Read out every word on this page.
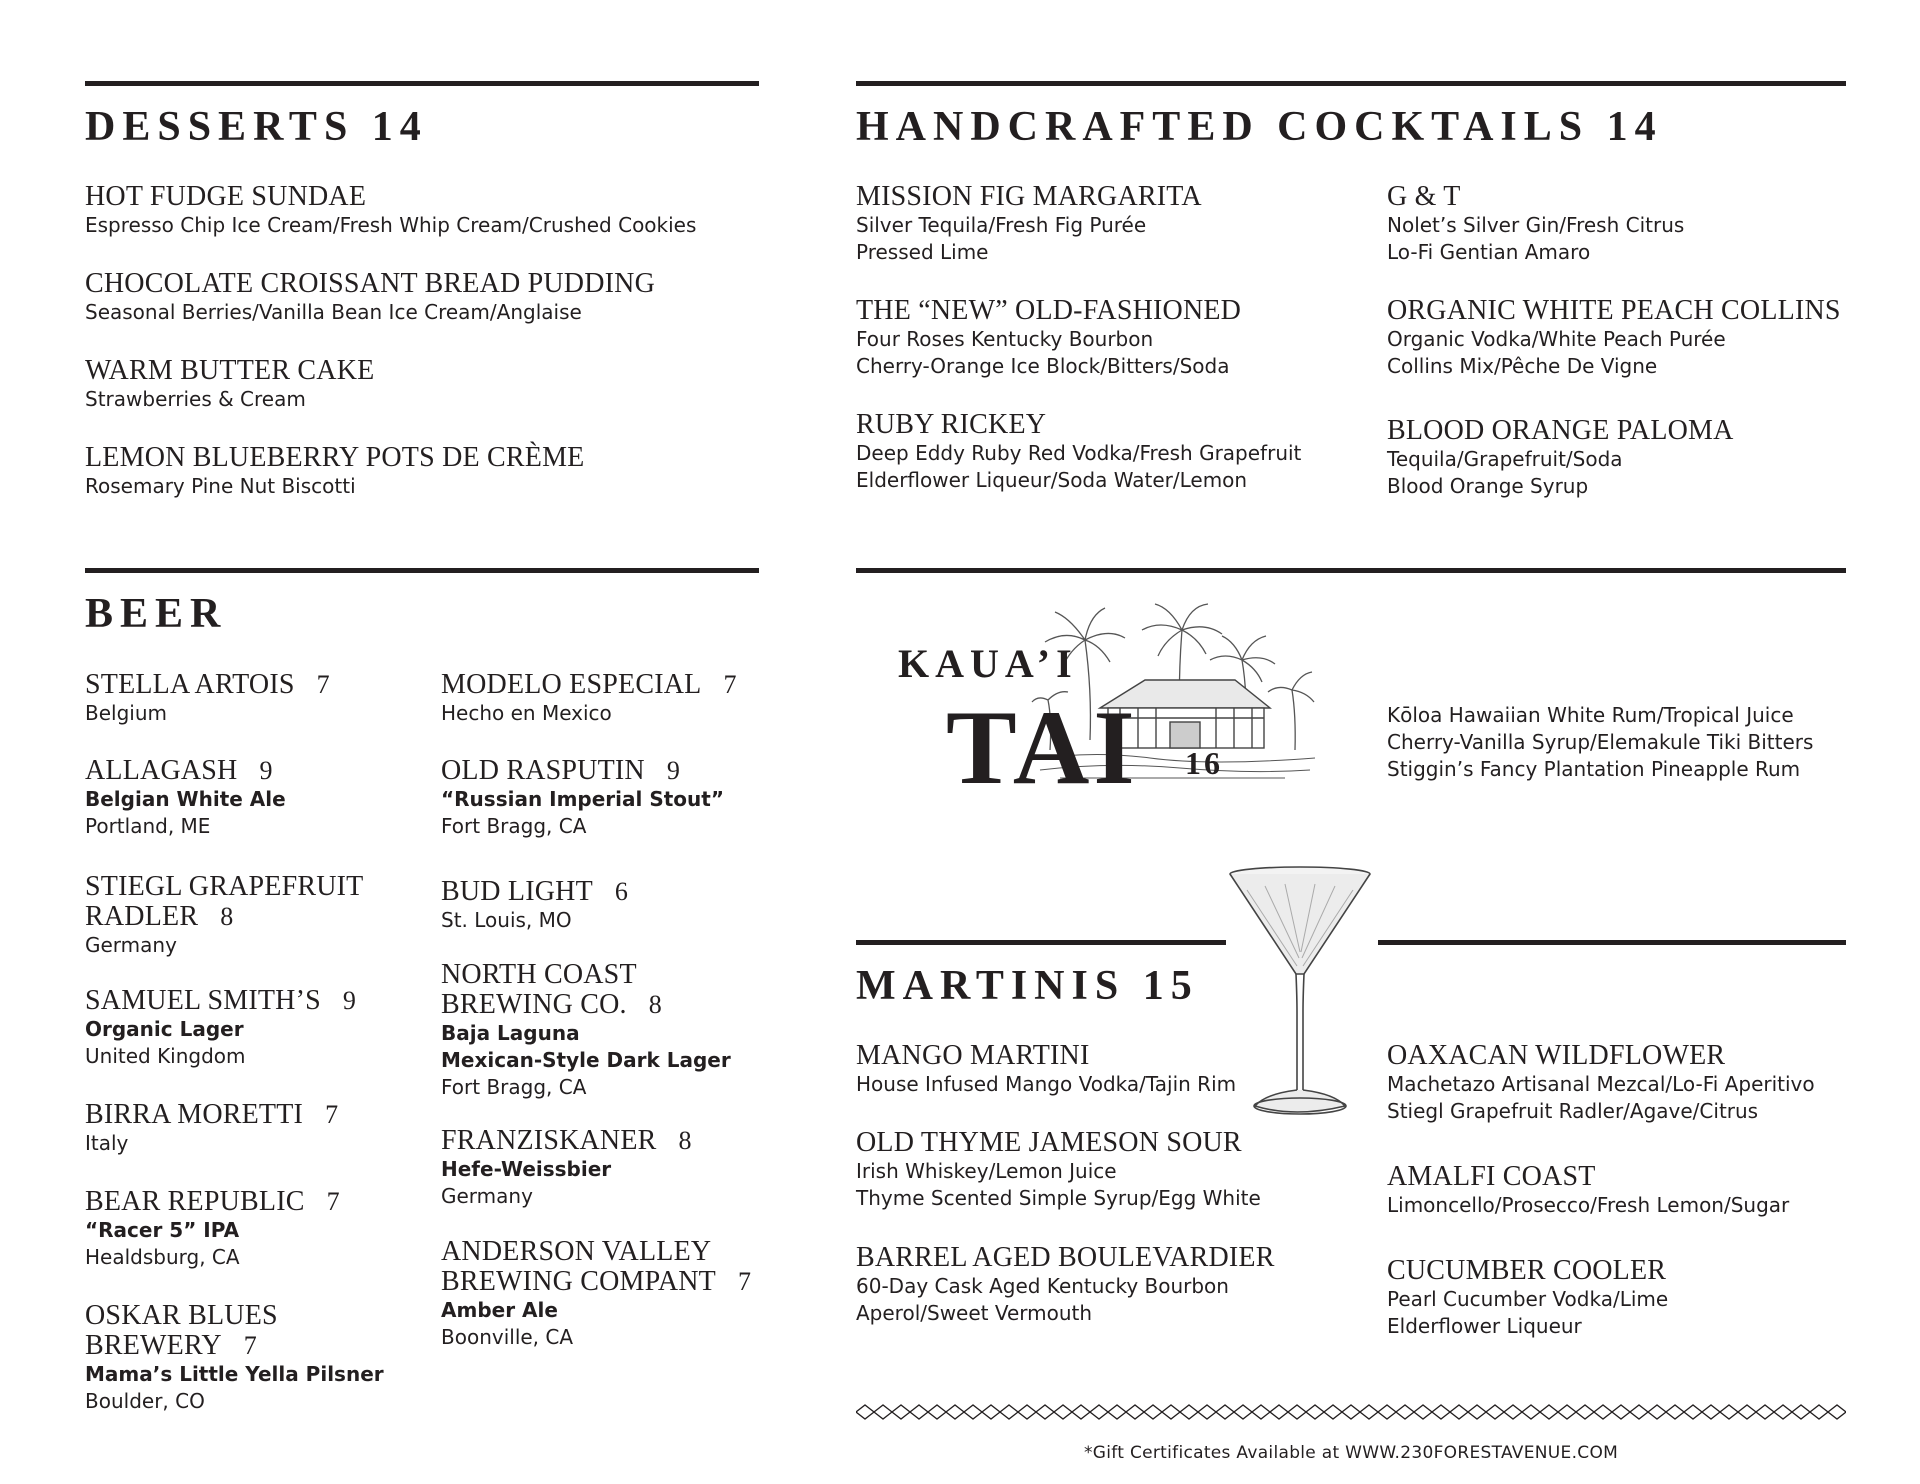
DESSERTS 14
HOT FUDGE SUNDAE
Espresso Chip Ice Cream/Fresh Whip Cream/Crushed Cookies
CHOCOLATE CROISSANT BREAD PUDDING
Seasonal Berries/Vanilla Bean Ice Cream/Anglaise
WARM BUTTER CAKE
Strawberries & Cream
LEMON BLUEBERRY POTS DE CRÈME
Rosemary Pine Nut Biscotti
HANDCRAFTED COCKTAILS 14
MISSION FIG MARGARITA
Silver Tequila/Fresh Fig Purée
Pressed Lime
G & T
Nolet’s Silver Gin/Fresh Citrus
Lo-Fi Gentian Amaro
THE “NEW” OLD-FASHIONED
Four Roses Kentucky Bourbon
Cherry-Orange Ice Block/Bitters/Soda
ORGANIC WHITE PEACH COLLINS
Organic Vodka/White Peach Purée
Collins Mix/Pêche De Vigne
RUBY RICKEY
Deep Eddy Ruby Red Vodka/Fresh Grapefruit
Elderflower Liqueur/Soda Water/Lemon
BLOOD ORANGE PALOMA
Tequila/Grapefruit/Soda
Blood Orange Syrup
BEER
STELLA ARTOIS 7
Belgium
ALLAGASH 9
Belgian White Ale
Portland, ME
STIEGL GRAPEFRUIT
RADLER 8
Germany
SAMUEL SMITH’S 9
Organic Lager
United Kingdom
BIRRA MORETTI 7
Italy
BEAR REPUBLIC 7
“Racer 5” IPA
Healdsburg, CA
OSKAR BLUES
BREWERY 7
Mama’s Little Yella Pilsner
Boulder, CO
MODELO ESPECIAL 7
Hecho en Mexico
OLD RASPUTIN 9
“Russian Imperial Stout”
Fort Bragg, CA
BUD LIGHT 6
St. Louis, MO
NORTH COAST
BREWING CO. 8
Baja Laguna
Mexican-Style Dark Lager
Fort Bragg, CA
FRANZISKANER 8
Hefe-Weissbier
Germany
ANDERSON VALLEY
BREWING COMPANT 7
Amber Ale
Boonville, CA
KAUA’I
TAI 16
Kōloa Hawaiian White Rum/Tropical Juice
Cherry-Vanilla Syrup/Elemakule Tiki Bitters
Stiggin’s Fancy Plantation Pineapple Rum
MARTINIS 15
MANGO MARTINI
House Infused Mango Vodka/Tajin Rim
OAXACAN WILDFLOWER
Machetazo Artisanal Mezcal/Lo-Fi Aperitivo
Stiegl Grapefruit Radler/Agave/Citrus
OLD THYME JAMESON SOUR
Irish Whiskey/Lemon Juice
Thyme Scented Simple Syrup/Egg White
AMALFI COAST
Limoncello/Prosecco/Fresh Lemon/Sugar
BARREL AGED BOULEVARDIER
60-Day Cask Aged Kentucky Bourbon
Aperol/Sweet Vermouth
CUCUMBER COOLER
Pearl Cucumber Vodka/Lime
Elderflower Liqueur
*Gift Certificates Available at WWW.230FORESTAVENUE.COM
